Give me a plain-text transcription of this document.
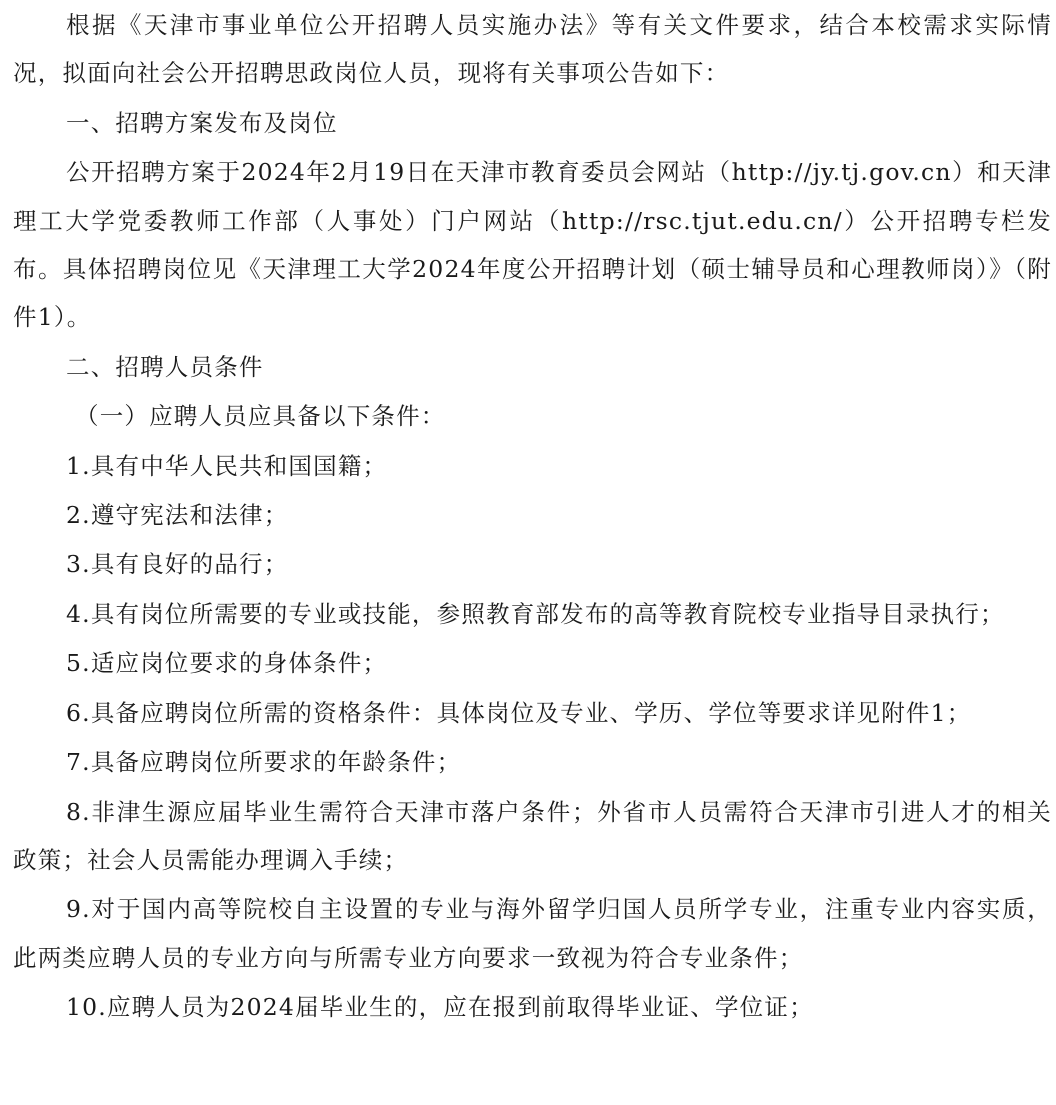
根据《天津市事业单位公开招聘人员实施办法》等有关文件要求，结合本校需求实际情况，拟面向社会公开招聘思政岗位人员，现将有关事项公告如下：

一、招聘方案发布及岗位

公开招聘方案于2024年2月19日在天津市教育委员会网站（http://jy.tj.gov.cn）和天津理工大学党委教师工作部（人事处）门户网站（http://rsc.tjut.edu.cn/）公开招聘专栏发布。具体招聘岗位见《天津理工大学2024年度公开招聘计划（硕士辅导员和心理教师岗）》（附件1）。

二、招聘人员条件

（一）应聘人员应具备以下条件：

1.具有中华人民共和国国籍；

2.遵守宪法和法律；

3.具有良好的品行；

4.具有岗位所需要的专业或技能，参照教育部发布的高等教育院校专业指导目录执行；

5.适应岗位要求的身体条件；

6.具备应聘岗位所需的资格条件：具体岗位及专业、学历、学位等要求详见附件1；

7.具备应聘岗位所要求的年龄条件；

8.非津生源应届毕业生需符合天津市落户条件；外省市人员需符合天津市引进人才的相关政策；社会人员需能办理调入手续；

9.对于国内高等院校自主设置的专业与海外留学归国人员所学专业，注重专业内容实质，此两类应聘人员的专业方向与所需专业方向要求一致视为符合专业条件；

10.应聘人员为2024届毕业生的，应在报到前取得毕业证、学位证；
